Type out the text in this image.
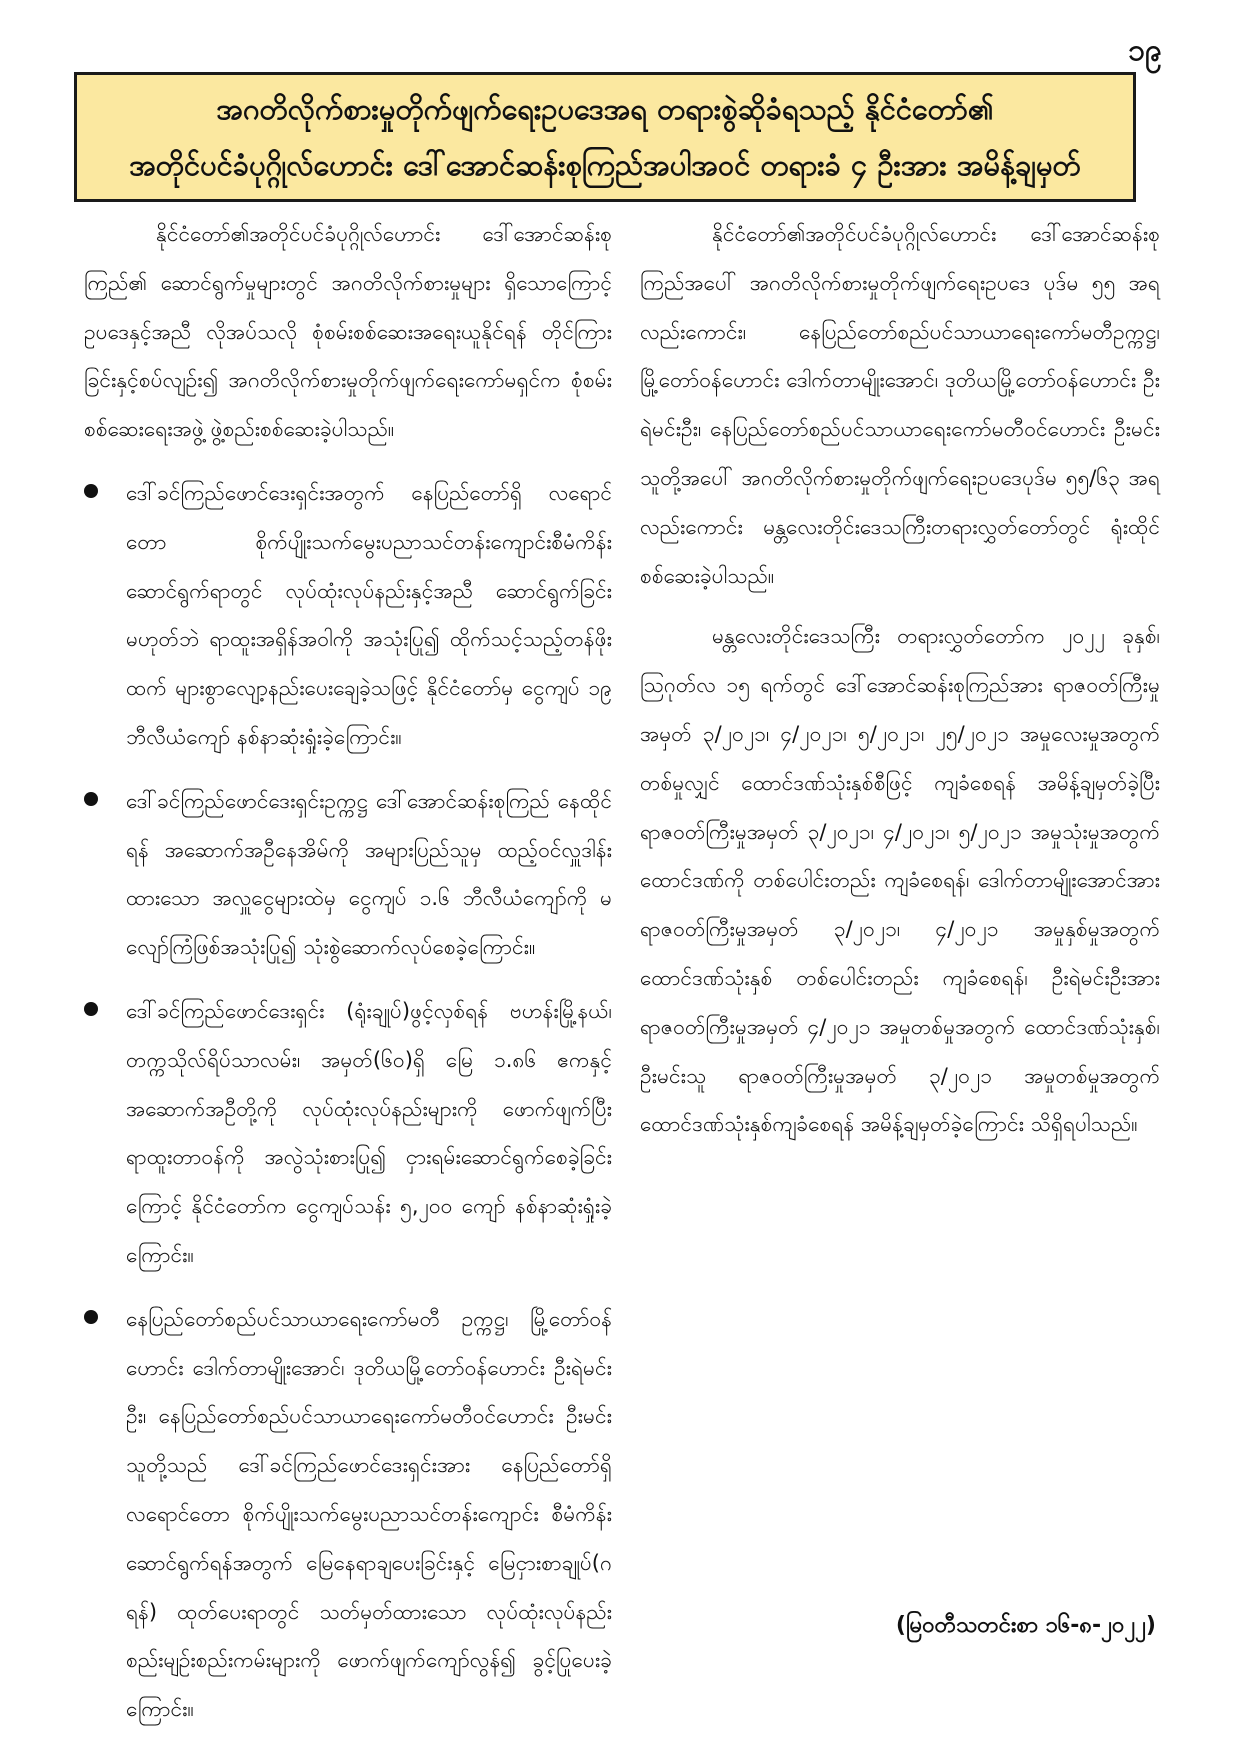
၁၉
အဂတိလိုက်စားမှုတိုက်ဖျက်ရေးဥပဒေအရ တရားစွဲဆိုခံရသည့် နိုင်ငံတော်၏
အတိုင်ပင်ခံပုဂ္ဂိုလ်ဟောင်း ဒေါ်အောင်ဆန်းစုကြည်အပါအဝင် တရားခံ ၄ ဦးအား အမိန့်ချမှတ်

နိုင်ငံတော်၏အတိုင်ပင်ခံပုဂ္ဂိုလ်ဟောင်း ဒေါ်အောင်ဆန်းစုကြည်၏ ဆောင်ရွက်မှုများတွင် အဂတိလိုက်စားမှုများ ရှိသောကြောင့် ဥပဒေနှင့်အညီ လိုအပ်သလို စုံစမ်းစစ်ဆေးအရေးယူနိုင်ရန် တိုင်ကြားခြင်းနှင့်စပ်လျဉ်း၍ အဂတိလိုက်စားမှုတိုက်ဖျက်ရေးကော်မရှင်က စုံစမ်းစစ်ဆေးရေးအဖွဲ့ ဖွဲ့စည်းစစ်ဆေးခဲ့ပါသည်။

ဒေါ်ခင်ကြည်ဖောင်ဒေးရှင်းအတွက် နေပြည်တော်ရှိ လရောင်တော စိုက်ပျိုးသက်မွေးပညာသင်တန်းကျောင်းစီမံကိန်း ဆောင်ရွက်ရာတွင် လုပ်ထုံးလုပ်နည်းနှင့်အညီ ဆောင်ရွက်ခြင်းမဟုတ်ဘဲ ရာထူးအရှိန်အဝါကို အသုံးပြု၍ ထိုက်သင့်သည့်တန်ဖိုးထက် များစွာလျော့နည်းပေးချေခဲ့သဖြင့် နိုင်ငံတော်မှ ငွေကျပ် ၁၉ ဘီလီယံကျော် နစ်နာဆုံးရှုံးခဲ့ကြောင်း။
ဒေါ်ခင်ကြည်ဖောင်ဒေးရှင်းဥက္ကဋ္ဌ ဒေါ်အောင်ဆန်းစုကြည် နေထိုင်ရန် အဆောက်အဦနေအိမ်ကို အများပြည်သူမှ ထည့်ဝင်လှူဒါန်းထားသော အလှူငွေများထဲမှ ငွေကျပ် ၁.၆ ဘီလီယံကျော်ကို မလျော်ကြံဖြစ်အသုံးပြု၍ သုံးစွဲဆောက်လုပ်စေခဲ့ကြောင်း။
ဒေါ်ခင်ကြည်ဖောင်ဒေးရှင်း (ရုံးချုပ်)ဖွင့်လှစ်ရန် ဗဟန်းမြို့နယ်၊ တက္ကသိုလ်ရိပ်သာလမ်း၊ အမှတ်(၆၀)ရှိ မြေ ၁.၈၆ ဧကနှင့် အဆောက်အဦတို့ကို လုပ်ထုံးလုပ်နည်းများကို ဖောက်ဖျက်ပြီး ရာထူးတာဝန်ကို အလွဲသုံးစားပြု၍ ငှားရမ်းဆောင်ရွက်စေခဲ့ခြင်းကြောင့် နိုင်ငံတော်က ငွေကျပ်သန်း ၅,၂၀၀ ကျော် နစ်နာဆုံးရှုံးခဲ့ကြောင်း။
နေပြည်တော်စည်ပင်သာယာရေးကော်မတီ ဥက္ကဋ္ဌ၊ မြို့တော်ဝန်ဟောင်း ဒေါက်တာမျိုးအောင်၊ ဒုတိယမြို့တော်ဝန်ဟောင်း ဦးရဲမင်းဦး၊ နေပြည်တော်စည်ပင်သာယာရေးကော်မတီဝင်ဟောင်း ဦးမင်းသူတို့သည် ဒေါ်ခင်ကြည်ဖောင်ဒေးရှင်းအား နေပြည်တော်ရှိ လရောင်တော စိုက်ပျိုးသက်မွေးပညာသင်တန်းကျောင်း စီမံကိန်းဆောင်ရွက်ရန်အတွက် မြေနေရာချပေးခြင်းနှင့် မြေငှားစာချုပ်(ဂရန်) ထုတ်ပေးရာတွင် သတ်မှတ်ထားသော လုပ်ထုံးလုပ်နည်း စည်းမျဉ်းစည်းကမ်းများကို ဖောက်ဖျက်ကျော်လွန်၍ ခွင့်ပြုပေးခဲ့ကြောင်း။

နိုင်ငံတော်၏အတိုင်ပင်ခံပုဂ္ဂိုလ်ဟောင်း ဒေါ်အောင်ဆန်းစုကြည်အပေါ် အဂတိလိုက်စားမှုတိုက်ဖျက်ရေးဥပဒေ ပုဒ်မ ၅၅ အရလည်းကောင်း၊ နေပြည်တော်စည်ပင်သာယာရေးကော်မတီဥက္ကဋ္ဌ၊ မြို့တော်ဝန်ဟောင်း ဒေါက်တာမျိုးအောင်၊ ဒုတိယမြို့တော်ဝန်ဟောင်း ဦးရဲမင်းဦး၊ နေပြည်တော်စည်ပင်သာယာရေးကော်မတီဝင်ဟောင်း ဦးမင်းသူတို့အပေါ် အဂတိလိုက်စားမှုတိုက်ဖျက်ရေးဥပဒေပုဒ်မ ၅၅/၆၃ အရလည်းကောင်း မန္တလေးတိုင်းဒေသကြီးတရားလွှတ်တော်တွင် ရုံးထိုင်စစ်ဆေးခဲ့ပါသည်။

မန္တလေးတိုင်းဒေသကြီး တရားလွှတ်တော်က ၂၀၂၂ ခုနှစ်၊ ဩဂုတ်လ ၁၅ ရက်တွင် ဒေါ်အောင်ဆန်းစုကြည်အား ရာဇဝတ်ကြီးမှုအမှတ် ၃/၂၀၂၁၊ ၄/၂၀၂၁၊ ၅/၂၀၂၁၊ ၂၅/၂၀၂၁ အမှုလေးမှုအတွက် တစ်မှုလျှင် ထောင်ဒဏ်သုံးနှစ်စီဖြင့် ကျခံစေရန် အမိန့်ချမှတ်ခဲ့ပြီး ရာဇဝတ်ကြီးမှုအမှတ် ၃/၂၀၂၁၊ ၄/၂၀၂၁၊ ၅/၂၀၂၁ အမှုသုံးမှုအတွက် ထောင်ဒဏ်ကို တစ်ပေါင်းတည်း ကျခံစေရန်၊ ဒေါက်တာမျိုးအောင်အား ရာဇဝတ်ကြီးမှုအမှတ် ၃/၂၀၂၁၊ ၄/၂၀၂၁ အမှုနှစ်မှုအတွက် ထောင်ဒဏ်သုံးနှစ် တစ်ပေါင်းတည်း ကျခံစေရန်၊ ဦးရဲမင်းဦးအား ရာဇဝတ်ကြီးမှုအမှတ် ၄/၂၀၂၁ အမှုတစ်မှုအတွက် ထောင်ဒဏ်သုံးနှစ်၊ ဦးမင်းသူ ရာဇဝတ်ကြီးမှုအမှတ် ၃/၂၀၂၁ အမှုတစ်မှုအတွက် ထောင်ဒဏ်သုံးနှစ်ကျခံစေရန် အမိန့်ချမှတ်ခဲ့ကြောင်း သိရှိရပါသည်။

(မြဝတီသတင်းစာ ၁၆-၈-၂၀၂၂)
